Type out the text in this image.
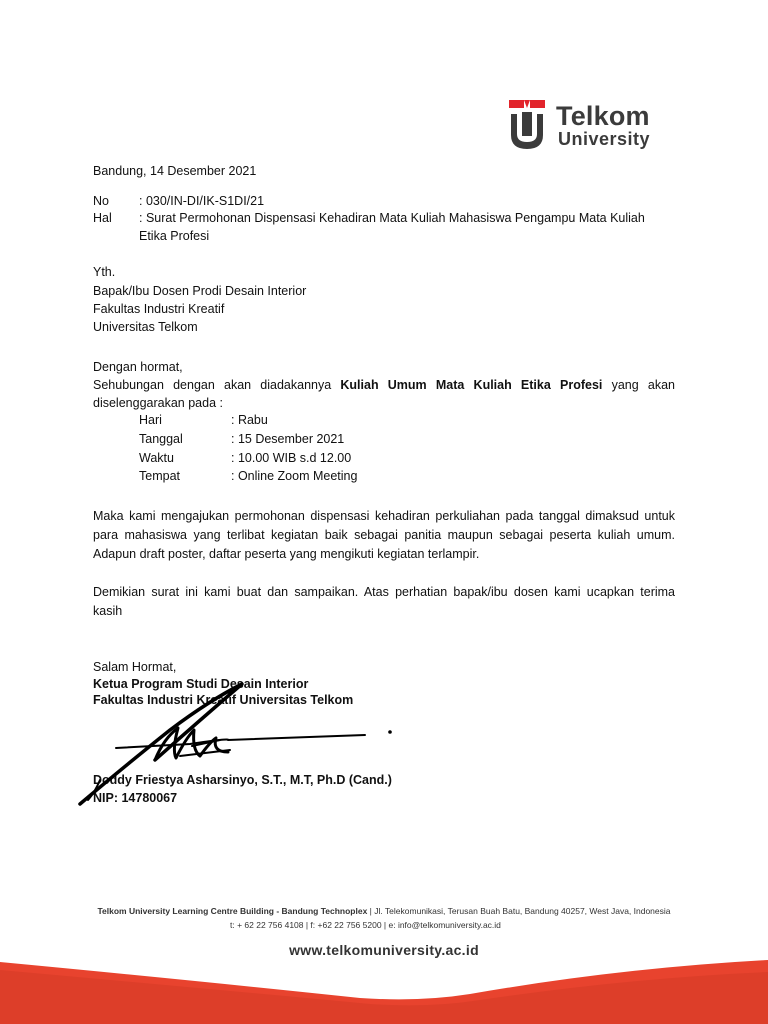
Telkom
University
Bandung, 14 Desember 2021
No : 030/IN-DI/IK-S1DI/21
Hal : Surat Permohonan Dispensasi Kehadiran Mata Kuliah Mahasiswa Pengampu Mata Kuliah
Etika Profesi
Yth.
Bapak/Ibu Dosen Prodi Desain Interior
Fakultas Industri Kreatif
Universitas Telkom
Dengan hormat,
Sehubungan dengan akan diadakannya Kuliah Umum Mata Kuliah Etika Profesi yang akan
diselenggarakan pada :
Hari	: Rabu
Tanggal	: 15 Desember 2021
Waktu	: 10.00 WIB s.d 12.00
Tempat	: Online Zoom Meeting
Maka kami mengajukan permohonan dispensasi kehadiran perkuliahan pada tanggal dimaksud untuk
para mahasiswa yang terlibat kegiatan baik sebagai panitia maupun sebagai peserta kuliah umum.
Adapun draft poster, daftar peserta yang mengikuti kegiatan terlampir.
Demikian surat ini kami buat dan sampaikan. Atas perhatian bapak/ibu dosen kami ucapkan terima
kasih
Salam Hormat,
Ketua Program Studi Desain Interior
Fakultas Industri Kreatif Universitas Telkom
Doddy Friestya Asharsinyo, S.T., M.T, Ph.D (Cand.)
NIP: 14780067
Telkom University Learning Centre Building - Bandung Technoplex | Jl. Telekomunikasi, Terusan Buah Batu, Bandung 40257, West Java, Indonesia
t: + 62 22 756 4108 | f: +62 22 756 5200 | e: info@telkomuniversity.ac.id
www.telkomuniversity.ac.id
